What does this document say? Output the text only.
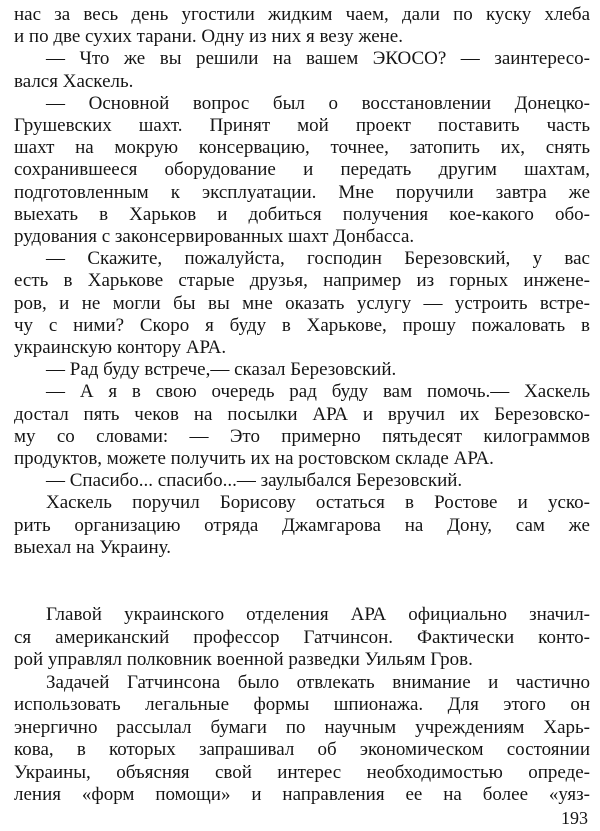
нас за весь день угостили жидким чаем, дали по куску хлеба
и по две сухих тарани. Одну из них я везу жене.
— Что же вы решили на вашем ЭКОСО? — заинтересо-
вался Хаскель.
— Основной вопрос был о восстановлении Донецко-
Грушевских шахт. Принят мой проект поставить часть
шахт на мокрую консервацию, точнее, затопить их, снять
сохранившееся оборудование и передать другим шахтам,
подготовленным к эксплуатации. Мне поручили завтра же
выехать в Харьков и добиться получения кое-какого обо-
рудования с законсервированных шахт Донбасса.
— Скажите, пожалуйста, господин Березовский, у вас
есть в Харькове старые друзья, например из горных инжене-
ров, и не могли бы вы мне оказать услугу — устроить встре-
чу с ними? Скоро я буду в Харькове, прошу пожаловать в
украинскую контору АРА.
— Рад буду встрече,— сказал Березовский.
— А я в свою очередь рад буду вам помочь.— Хаскель
достал пять чеков на посылки АРА и вручил их Березовско-
му со словами: — Это примерно пятьдесят килограммов
продуктов, можете получить их на ростовском складе АРА.
— Спасибо... спасибо...— заулыбался Березовский.
Хаскель поручил Борисову остаться в Ростове и уско-
рить организацию отряда Джамгарова на Дону, сам же
выехал на Украину.
Главой украинского отделения АРА официально значил-
ся американский профессор Гатчинсон. Фактически конто-
рой управлял полковник военной разведки Уильям Гров.
Задачей Гатчинсона было отвлекать внимание и частично
использовать легальные формы шпионажа. Для этого он
энергично рассылал бумаги по научным учреждениям Харь-
кова, в которых запрашивал об экономическом состоянии
Украины, объясняя свой интерес необходимостью опреде-
ления «форм помощи» и направления ее на более «уяз-
193
